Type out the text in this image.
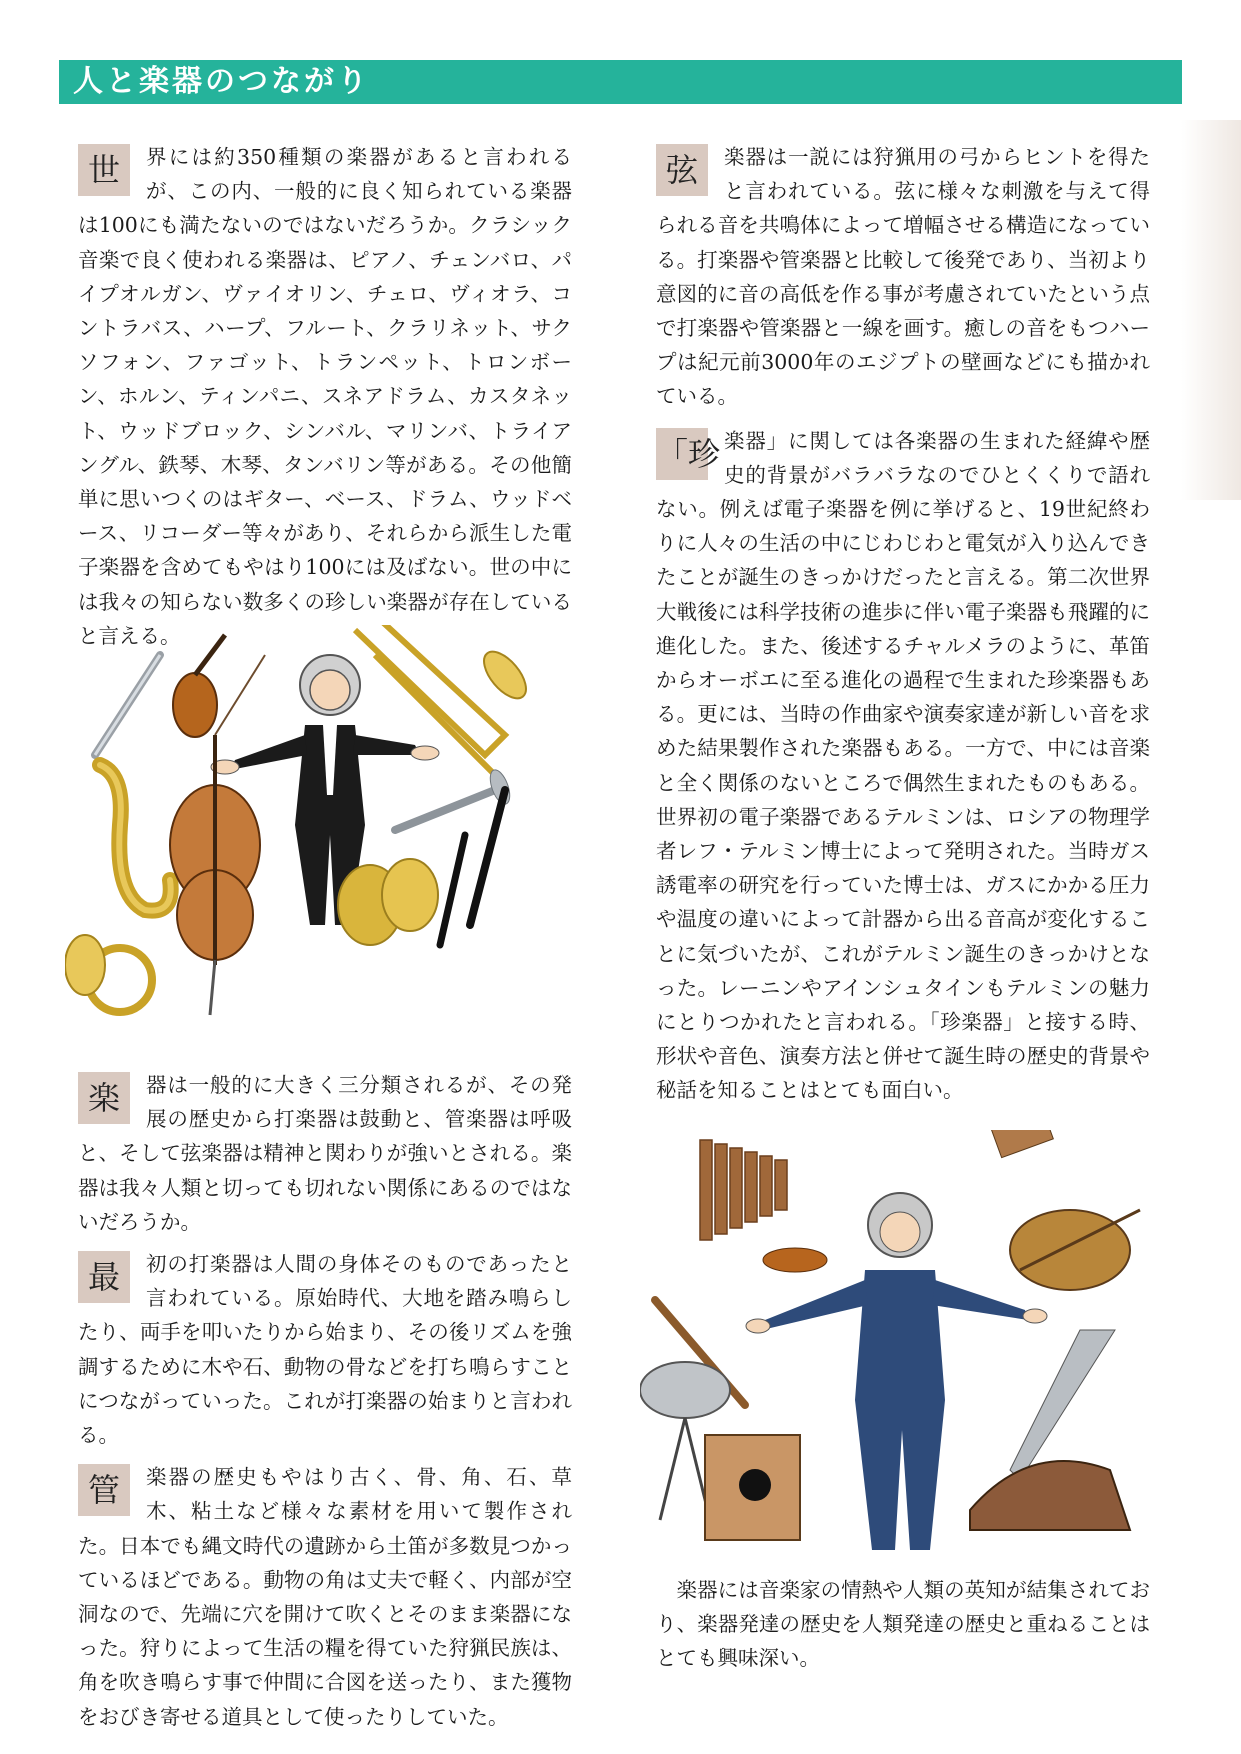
人と楽器のつながり

世	界には約350種類の楽器があると言われるが、この内、一般的に良く知られている楽器は100にも満たないのではないだろうか。クラシック音楽で良く使われる楽器は、ピアノ、チェンバロ、パイプオルガン、ヴァイオリン、チェロ、ヴィオラ、コントラバス、ハープ、フルート、クラリネット、サクソフォン、ファゴット、トランペット、トロンボーン、ホルン、ティンパニ、スネアドラム、カスタネット、ウッドブロック、シンバル、マリンバ、トライアングル、鉄琴、木琴、タンバリン等がある。その他簡単に思いつくのはギター、ベース、ドラム、ウッドベース、リコーダー等々があり、それらから派生した電子楽器を含めてもやはり100には及ばない。世の中には我々の知らない数多くの珍しい楽器が存在していると言える。

楽	器は一般的に大きく三分類されるが、その発展の歴史から打楽器は鼓動と、管楽器は呼吸と、そして弦楽器は精神と関わりが強いとされる。楽器は我々人類と切っても切れない関係にあるのではないだろうか。

最	初の打楽器は人間の身体そのものであったと言われている。原始時代、大地を踏み鳴らしたり、両手を叩いたりから始まり、その後リズムを強調するために木や石、動物の骨などを打ち鳴らすことにつながっていった。これが打楽器の始まりと言われる。

管	楽器の歴史もやはり古く、骨、角、石、草木、粘土など様々な素材を用いて製作された。日本でも縄文時代の遺跡から土笛が多数見つかっているほどである。動物の角は丈夫で軽く、内部が空洞なので、先端に穴を開けて吹くとそのまま楽器になった。狩りによって生活の糧を得ていた狩猟民族は、角を吹き鳴らす事で仲間に合図を送ったり、また獲物をおびき寄せる道具として使ったりしていた。

弦	楽器は一説には狩猟用の弓からヒントを得たと言われている。弦に様々な刺激を与えて得られる音を共鳴体によって増幅させる構造になっている。打楽器や管楽器と比較して後発であり、当初より意図的に音の高低を作る事が考慮されていたという点で打楽器や管楽器と一線を画す。癒しの音をもつハープは紀元前3000年のエジプトの壁画などにも描かれている。

「珍 楽器」に関しては各楽器の生まれた経緯や歴史的背景がバラバラなのでひとくくりで語れない。例えば電子楽器を例に挙げると、19世紀終わりに人々の生活の中にじわじわと電気が入り込んできたことが誕生のきっかけだったと言える。第二次世界大戦後には科学技術の進歩に伴い電子楽器も飛躍的に進化した。また、後述するチャルメラのように、革笛からオーボエに至る進化の過程で生まれた珍楽器もある。更には、当時の作曲家や演奏家達が新しい音を求めた結果製作された楽器もある。一方で、中には音楽と全く関係のないところで偶然生まれたものもある。世界初の電子楽器であるテルミンは、ロシアの物理学者レフ・テルミン博士によって発明された。当時ガス誘電率の研究を行っていた博士は、ガスにかかる圧力や温度の違いによって計器から出る音高が変化することに気づいたが、これがテルミン誕生のきっかけとなった。レーニンやアインシュタインもテルミンの魅力にとりつかれたと言われる。「珍楽器」と接する時、形状や音色、演奏方法と併せて誕生時の歴史的背景や秘話を知ることはとても面白い。

楽器には音楽家の情熱や人類の英知が結集されており、楽器発達の歴史を人類発達の歴史と重ねることはとても興味深い。
